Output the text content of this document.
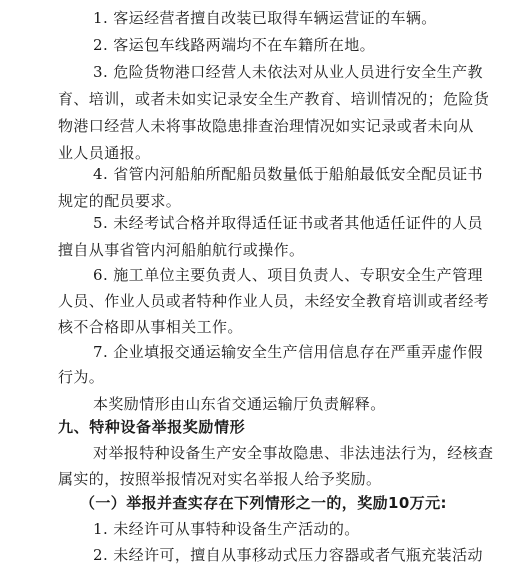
1. 客运经营者擅自改装已取得车辆运营证的车辆。
2. 客运包车线路两端均不在车籍所在地。
3. 危险货物港口经营人未依法对从业人员进行安全生产教
育、培训，或者未如实记录安全生产教育、培训情况的；危险货
物港口经营人未将事故隐患排查治理情况如实记录或者未向从
业人员通报。
4. 省管内河船舶所配船员数量低于船舶最低安全配员证书
规定的配员要求。
5. 未经考试合格并取得适任证书或者其他适任证件的人员
擅自从事省管内河船舶航行或操作。
6. 施工单位主要负责人、项目负责人、专职安全生产管理
人员、作业人员或者特种作业人员，未经安全教育培训或者经考
核不合格即从事相关工作。
7. 企业填报交通运输安全生产信用信息存在严重弄虚作假
行为。
本奖励情形由山东省交通运输厅负责解释。
九、特种设备举报奖励情形
对举报特种设备生产安全事故隐患、非法违法行为，经核查
属实的，按照举报情况对实名举报人给予奖励。
（一）举报并查实存在下列情形之一的，奖励10万元:
1. 未经许可从事特种设备生产活动的。
2. 未经许可，擅自从事移动式压力容器或者气瓶充装活动
